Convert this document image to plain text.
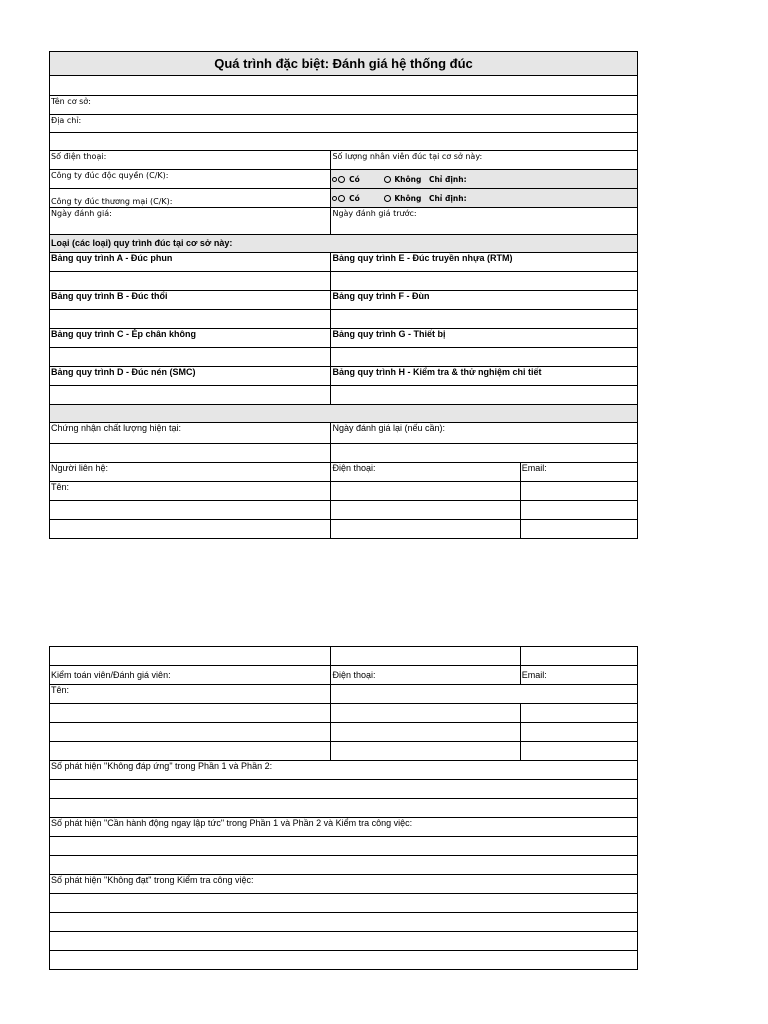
Quá trình đặc biệt: Đánh giá hệ thống đúc		

Tên cơ sở:		
Địa chỉ:		

Số điện thoại:	Số lượng nhân viên đúc tại cơ sở này:	
Công ty đúc độc quyền (C/K):	Có Không Chỉ định:	
Công ty đúc thương mại (C/K):	Có Không Chỉ định:	
Ngày đánh giá:	Ngày đánh giá trước:	
Loại (các loại) quy trình đúc tại cơ sở này:		
Bảng quy trình A - Đúc phun	Bảng quy trình E - Đúc truyền nhựa (RTM)	

Bảng quy trình B - Đúc thổi	Bảng quy trình F - Đùn	

Bảng quy trình C - Ép chân không	Bảng quy trình G - Thiết bị	

Bảng quy trình D - Đúc nén (SMC)	Bảng quy trình H - Kiểm tra & thử nghiệm chi tiết	

Chứng nhận chất lượng hiện tại:	Ngày đánh giá lại (nếu cần):	

Người liên hệ:	Điện thoại:	Email:
Tên:		

Kiểm toán viên/Đánh giá viên:	Điện thoại:	Email:
Tên:		

Số phát hiện "Không đáp ứng" trong Phần 1 và Phần 2:		

Số phát hiện "Cần hành động ngay lập tức" trong Phần 1 và Phần 2 và Kiểm tra công việc:		

Số phát hiện "Không đạt" trong Kiểm tra công việc:		
